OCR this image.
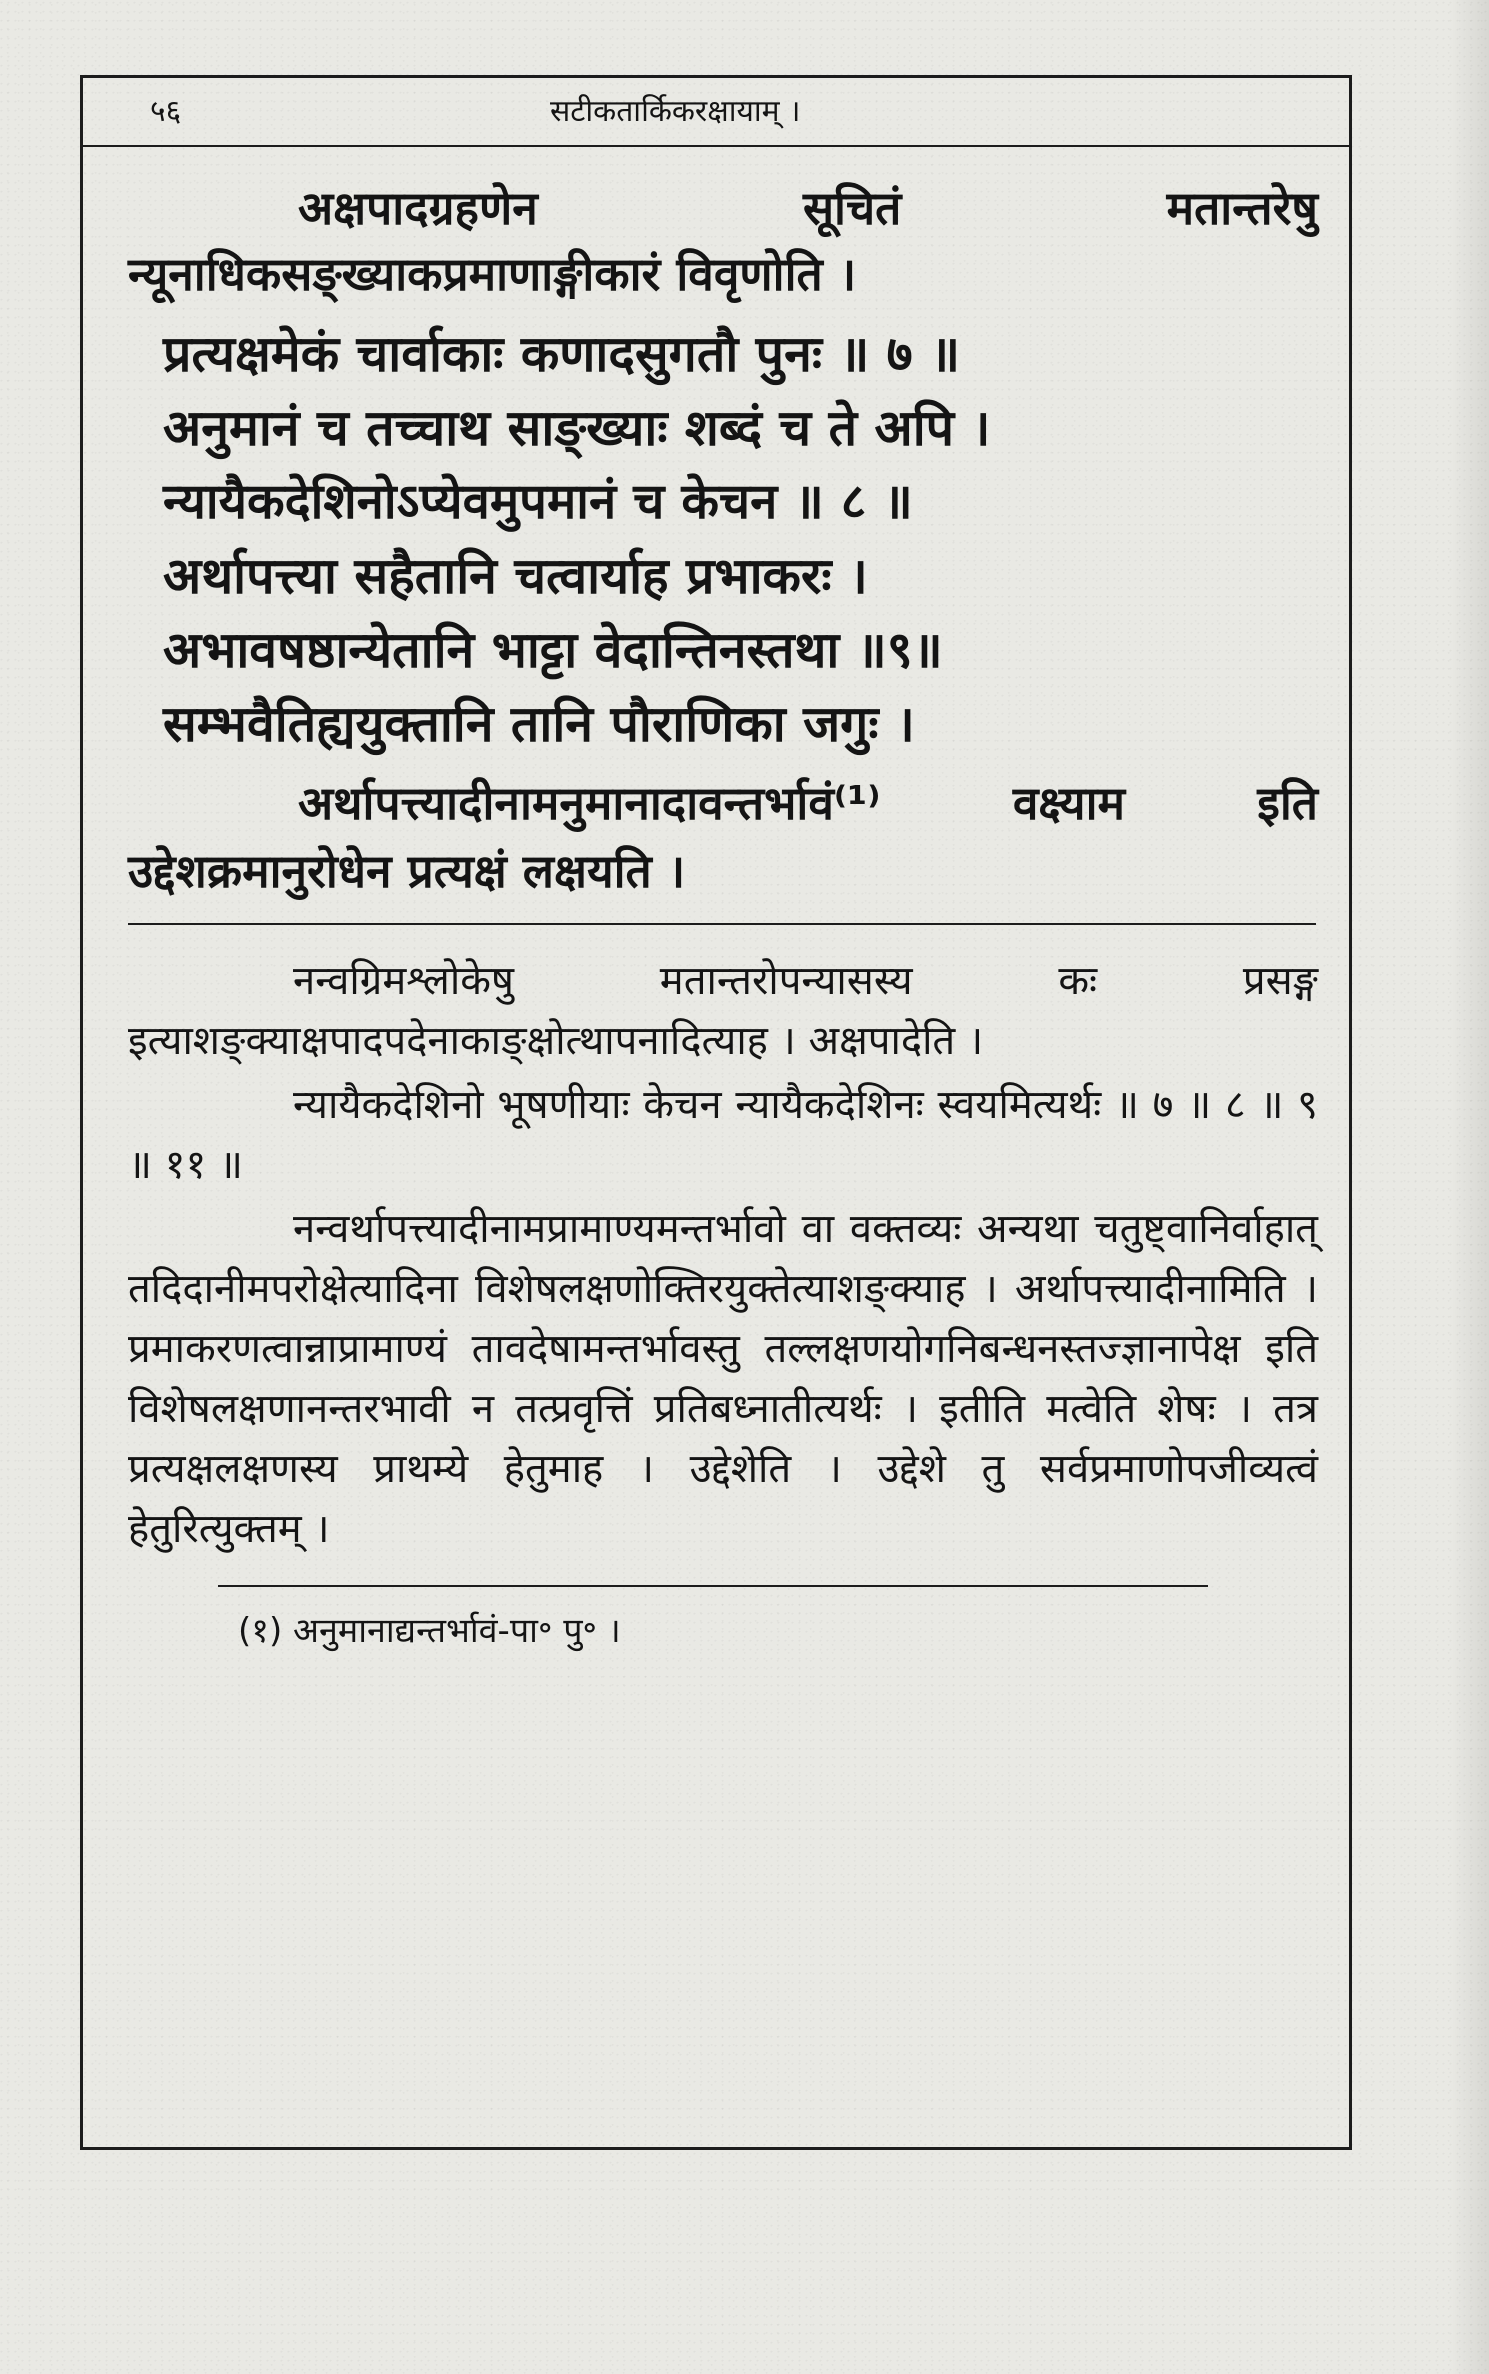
५६	सटीकतार्किकरक्षायाम् ।

अक्षपादग्रहणेन सूचितं मतान्तरेषु न्यूनाधिकसङ्ख्याकप्रमाणाङ्गीकारं विवृणोति ।

प्रत्यक्षमेकं चार्वाकाः कणादसुगतौ पुनः ॥ ७ ॥
अनुमानं च तच्चाथ साङ्ख्याः शब्दं च ते अपि ।
न्यायैकदेशिनोऽप्येवमुपमानं च केचन ॥ ८ ॥
अर्थापत्त्या सहैतानि चत्वार्याह प्रभाकरः ।
अभावषष्ठान्येतानि भाट्टा वेदान्तिनस्तथा ॥९॥
सम्भवैतिह्ययुक्तानि तानि पौराणिका जगुः ।

अर्थापत्त्यादीनामनुमानादावन्तर्भावं⁽¹⁾ वक्ष्याम इति उद्देशक्रमानुरोधेन प्रत्यक्षं लक्षयति ।

नन्वग्रिमश्लोकेषु मतान्तरोपन्यासस्य कः प्रसङ्ग इत्याशङ्क्याक्षपादपदेनाकाङ्क्षोत्थापनादित्याह । अक्षपादेति ।

न्यायैकदेशिनो भूषणीयाः केचन न्यायैकदेशिनः स्वयमित्यर्थः ॥ ७ ॥ ८ ॥ ९ ॥ ११ ॥

नन्वर्थापत्त्यादीनामप्रामाण्यमन्तर्भावो वा वक्तव्यः अन्यथा चतुष्ट्वानिर्वाहात् तदिदानीमपरोक्षेत्यादिना विशेषलक्षणोक्तिरयुक्तेत्याशङ्क्याह । अर्थापत्त्यादीनामिति । प्रमाकरणत्वान्नाप्रामाण्यं तावदेषामन्तर्भावस्तु तल्लक्षणयोगनिबन्धनस्तज्ज्ञानापेक्ष इति विशेषलक्षणानन्तरभावी न तत्प्रवृत्तिं प्रतिबध्नातीत्यर्थः । इतीति मत्वेति शेषः । तत्र प्रत्यक्षलक्षणस्य प्राथम्ये हेतुमाह । उद्देशेति । उद्देशे तु सर्वप्रमाणोपजीव्यत्वं हेतुरित्युक्तम् ।

(१) अनुमानाद्यन्तर्भावं-पा॰ पु॰ ।
